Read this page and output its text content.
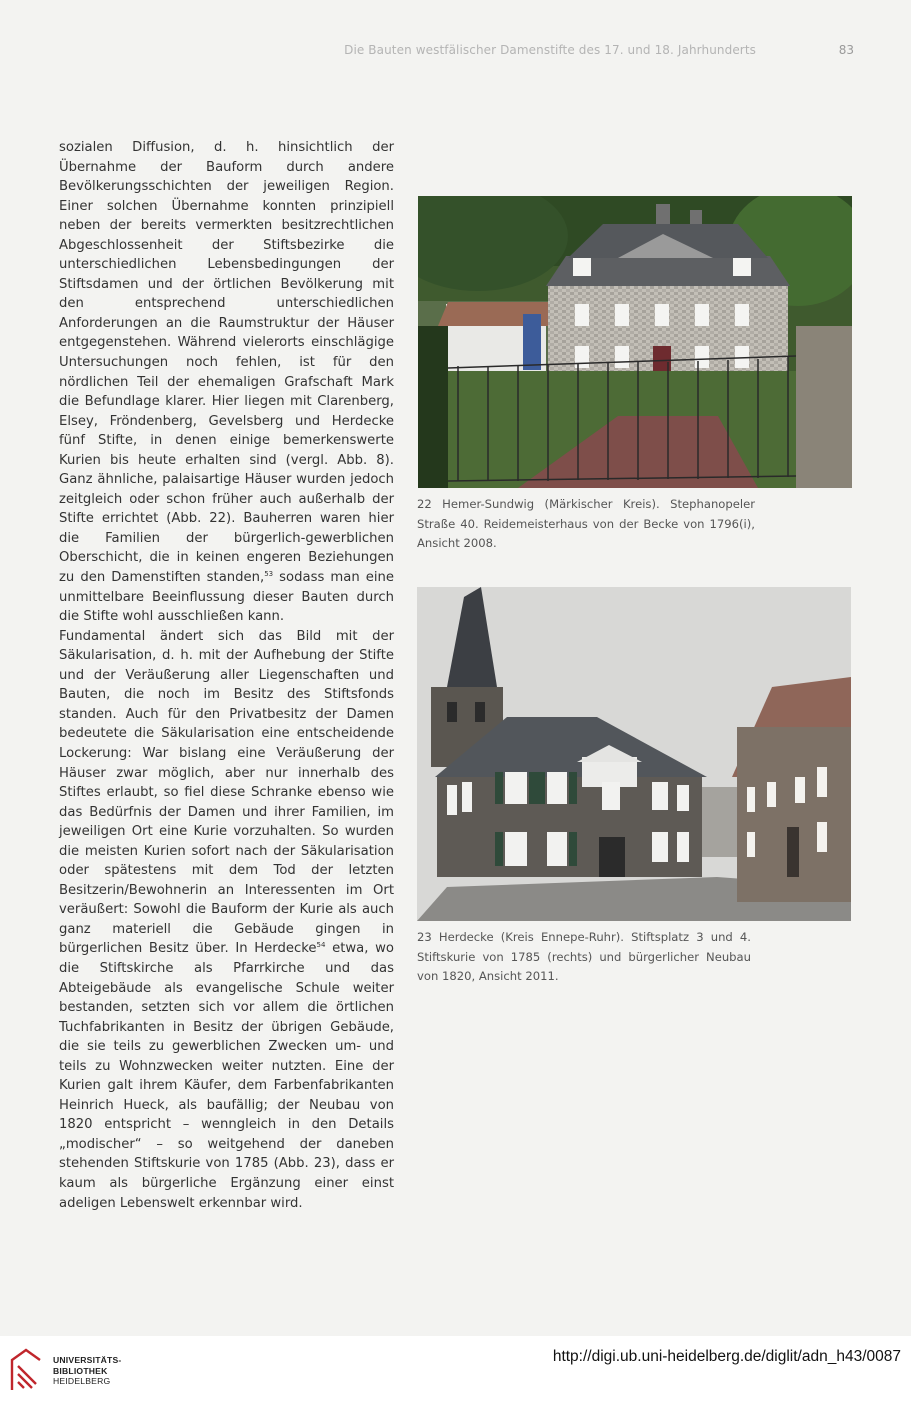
Die Bauten westfälischer Damenstifte des 17. und 18. Jahrhunderts	83

sozialen Diffusion, d. h. hinsichtlich der Übernahme der Bauform durch andere Bevölkerungsschichten der jeweiligen Region. Einer solchen Übernahme konnten prinzipiell neben der bereits vermerkten besitzrechtlichen Abgeschlossenheit der Stiftsbezirke die unterschiedlichen Lebensbedingungen der Stiftsdamen und der örtlichen Bevölkerung mit den entsprechend unterschiedlichen Anforderungen an die Raumstruktur der Häuser entgegenstehen. Während vielerorts einschlägige Untersuchungen noch fehlen, ist für den nördlichen Teil der ehemaligen Grafschaft Mark die Befundlage klarer. Hier liegen mit Clarenberg, Elsey, Fröndenberg, Gevelsberg und Herdecke fünf Stifte, in denen einige bemerkenswerte Kurien bis heute erhalten sind (vergl. Abb. 8). Ganz ähnliche, palaisartige Häuser wurden jedoch zeitgleich oder schon früher auch außerhalb der Stifte errichtet (Abb. 22). Bauherren waren hier die Familien der bürgerlich-gewerblichen Oberschicht, die in keinen engeren Beziehungen zu den Damenstiften standen,$^{53}$ sodass man eine unmittelbare Beeinflussung dieser Bauten durch die Stifte wohl ausschließen kann.

Fundamental ändert sich das Bild mit der Säkularisation, d. h. mit der Aufhebung der Stifte und der Veräußerung aller Liegenschaften und Bauten, die noch im Besitz des Stiftsfonds standen. Auch für den Privatbesitz der Damen bedeutete die Säkularisation eine entscheidende Lockerung: War bislang eine Veräußerung der Häuser zwar möglich, aber nur innerhalb des Stiftes erlaubt, so fiel diese Schranke ebenso wie das Bedürfnis der Damen und ihrer Familien, im jeweiligen Ort eine Kurie vorzuhalten. So wurden die meisten Kurien sofort nach der Säkularisation oder spätestens mit dem Tod der letzten Besitzerin/Bewohnerin an Interessenten im Ort veräußert: Sowohl die Bauform der Kurie als auch ganz materiell die Gebäude gingen in bürgerlichen Besitz über. In Herdecke$^{54}$ etwa, wo die Stiftskirche als Pfarrkirche und das Abteigebäude als evangelische Schule weiter bestanden, setzten sich vor allem die örtlichen Tuchfabrikanten in Besitz der übrigen Gebäude, die sie teils zu gewerblichen Zwecken um- und teils zu Wohnzwecken weiter nutzten. Eine der Kurien galt ihrem Käufer, dem Farbenfabrikanten Heinrich Hueck, als baufällig; der Neubau von 1820 entspricht – wenngleich in den Details „modischer“ – so weitgehend der daneben stehenden Stiftskurie von 1785 (Abb. 23), dass er kaum als bürgerliche Ergänzung einer einst adeligen Lebenswelt erkennbar wird.

22 Hemer-Sundwig (Märkischer Kreis). Stephanopeler Straße 40. Reidemeisterhaus von der Becke von 1796(i), Ansicht 2008.
23 Herdecke (Kreis Ennepe-Ruhr). Stiftsplatz 3 und 4. Stiftskurie von 1785 (rechts) und bürgerlicher Neubau von 1820, Ansicht 2011.
UNIVERSITÄTS-
BIBLIOTHEK
HEIDELBERG
http://digi.ub.uni-heidelberg.de/diglit/adn_h43/0087
